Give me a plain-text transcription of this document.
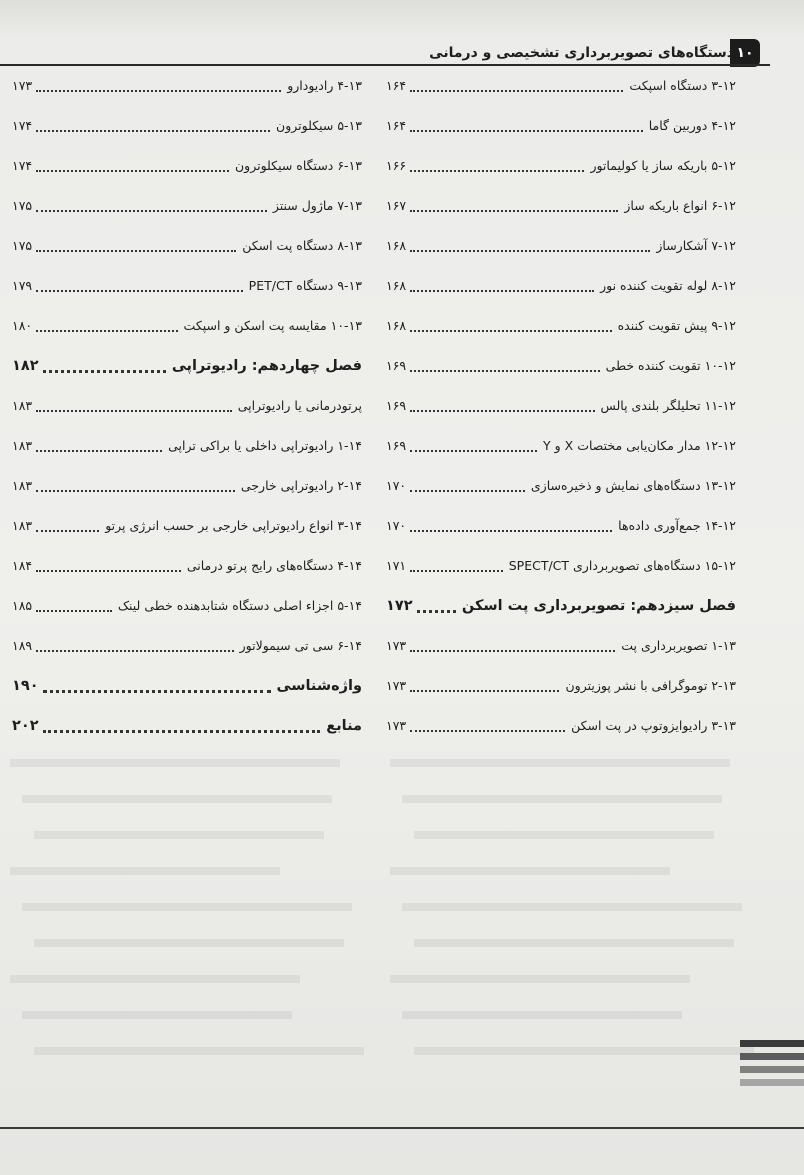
۱۰
دستگاه‌های تصویربرداری تشخیصی و درمانی
۱۶۴	۳-۱۲ دستگاه اسپکت
۱۶۴	۴-۱۲ دوربین گاما
۱۶۶	۵-۱۲ باریکه ساز یا کولیماتور
۱۶۷	۶-۱۲ انواع باریکه ساز
۱۶۸	۷-۱۲ آشکارساز
۱۶۸	۸-۱۲ لوله تقویت کننده نور
۱۶۸	۹-۱۲ پیش تقویت کننده
۱۶۹	۱۰-۱۲ تقویت کننده خطی
۱۶۹	۱۱-۱۲ تحلیلگر بلندی پالس
۱۶۹	۱۲-۱۲ مدار مکان‌یابی مختصات X و Y
۱۷۰	۱۳-۱۲ دستگاه‌های نمایش و ذخیره‌سازی
۱۷۰	۱۴-۱۲ جمع‌آوری داده‌ها
۱۷۱	۱۵-۱۲ دستگاه‌های تصویربرداری SPECT/CT
۱۷۲	فصل سیزدهم: تصویربرداری پت اسکن
۱۷۳	۱-۱۳ تصویربرداری پت
۱۷۳	۲-۱۳ توموگرافی با نشر پوزیترون
۱۷۳	۳-۱۳ رادیوایزوتوپ در پت اسکن
۱۷۳	۴-۱۳ رادیودارو
۱۷۴	۵-۱۳ سیکلوترون
۱۷۴	۶-۱۳ دستگاه سیکلوترون
۱۷۵	۷-۱۳ ماژول سنتز
۱۷۵	۸-۱۳ دستگاه پت اسکن
۱۷۹	۹-۱۳ دستگاه PET/CT
۱۸۰	۱۰-۱۳ مقایسه پت اسکن و اسپکت
۱۸۲	فصل چهاردهم: رادیوتراپی
۱۸۳	پرتودرمانی یا رادیوتراپی
۱۸۳	۱-۱۴ رادیوتراپی داخلی یا براکی تراپی
۱۸۳	۲-۱۴ رادیوتراپی خارجی
۱۸۳	۳-۱۴ انواع رادیوتراپی خارجی بر حسب انرژی پرتو
۱۸۴	۴-۱۴ دستگاه‌های رایج پرتو درمانی
۱۸۵	۵-۱۴ اجزاء اصلی دستگاه شتابدهنده خطی لینک
۱۸۹	۶-۱۴ سی تی سیمولاتور
۱۹۰	واژه‌شناسی
۲۰۲	منابع
